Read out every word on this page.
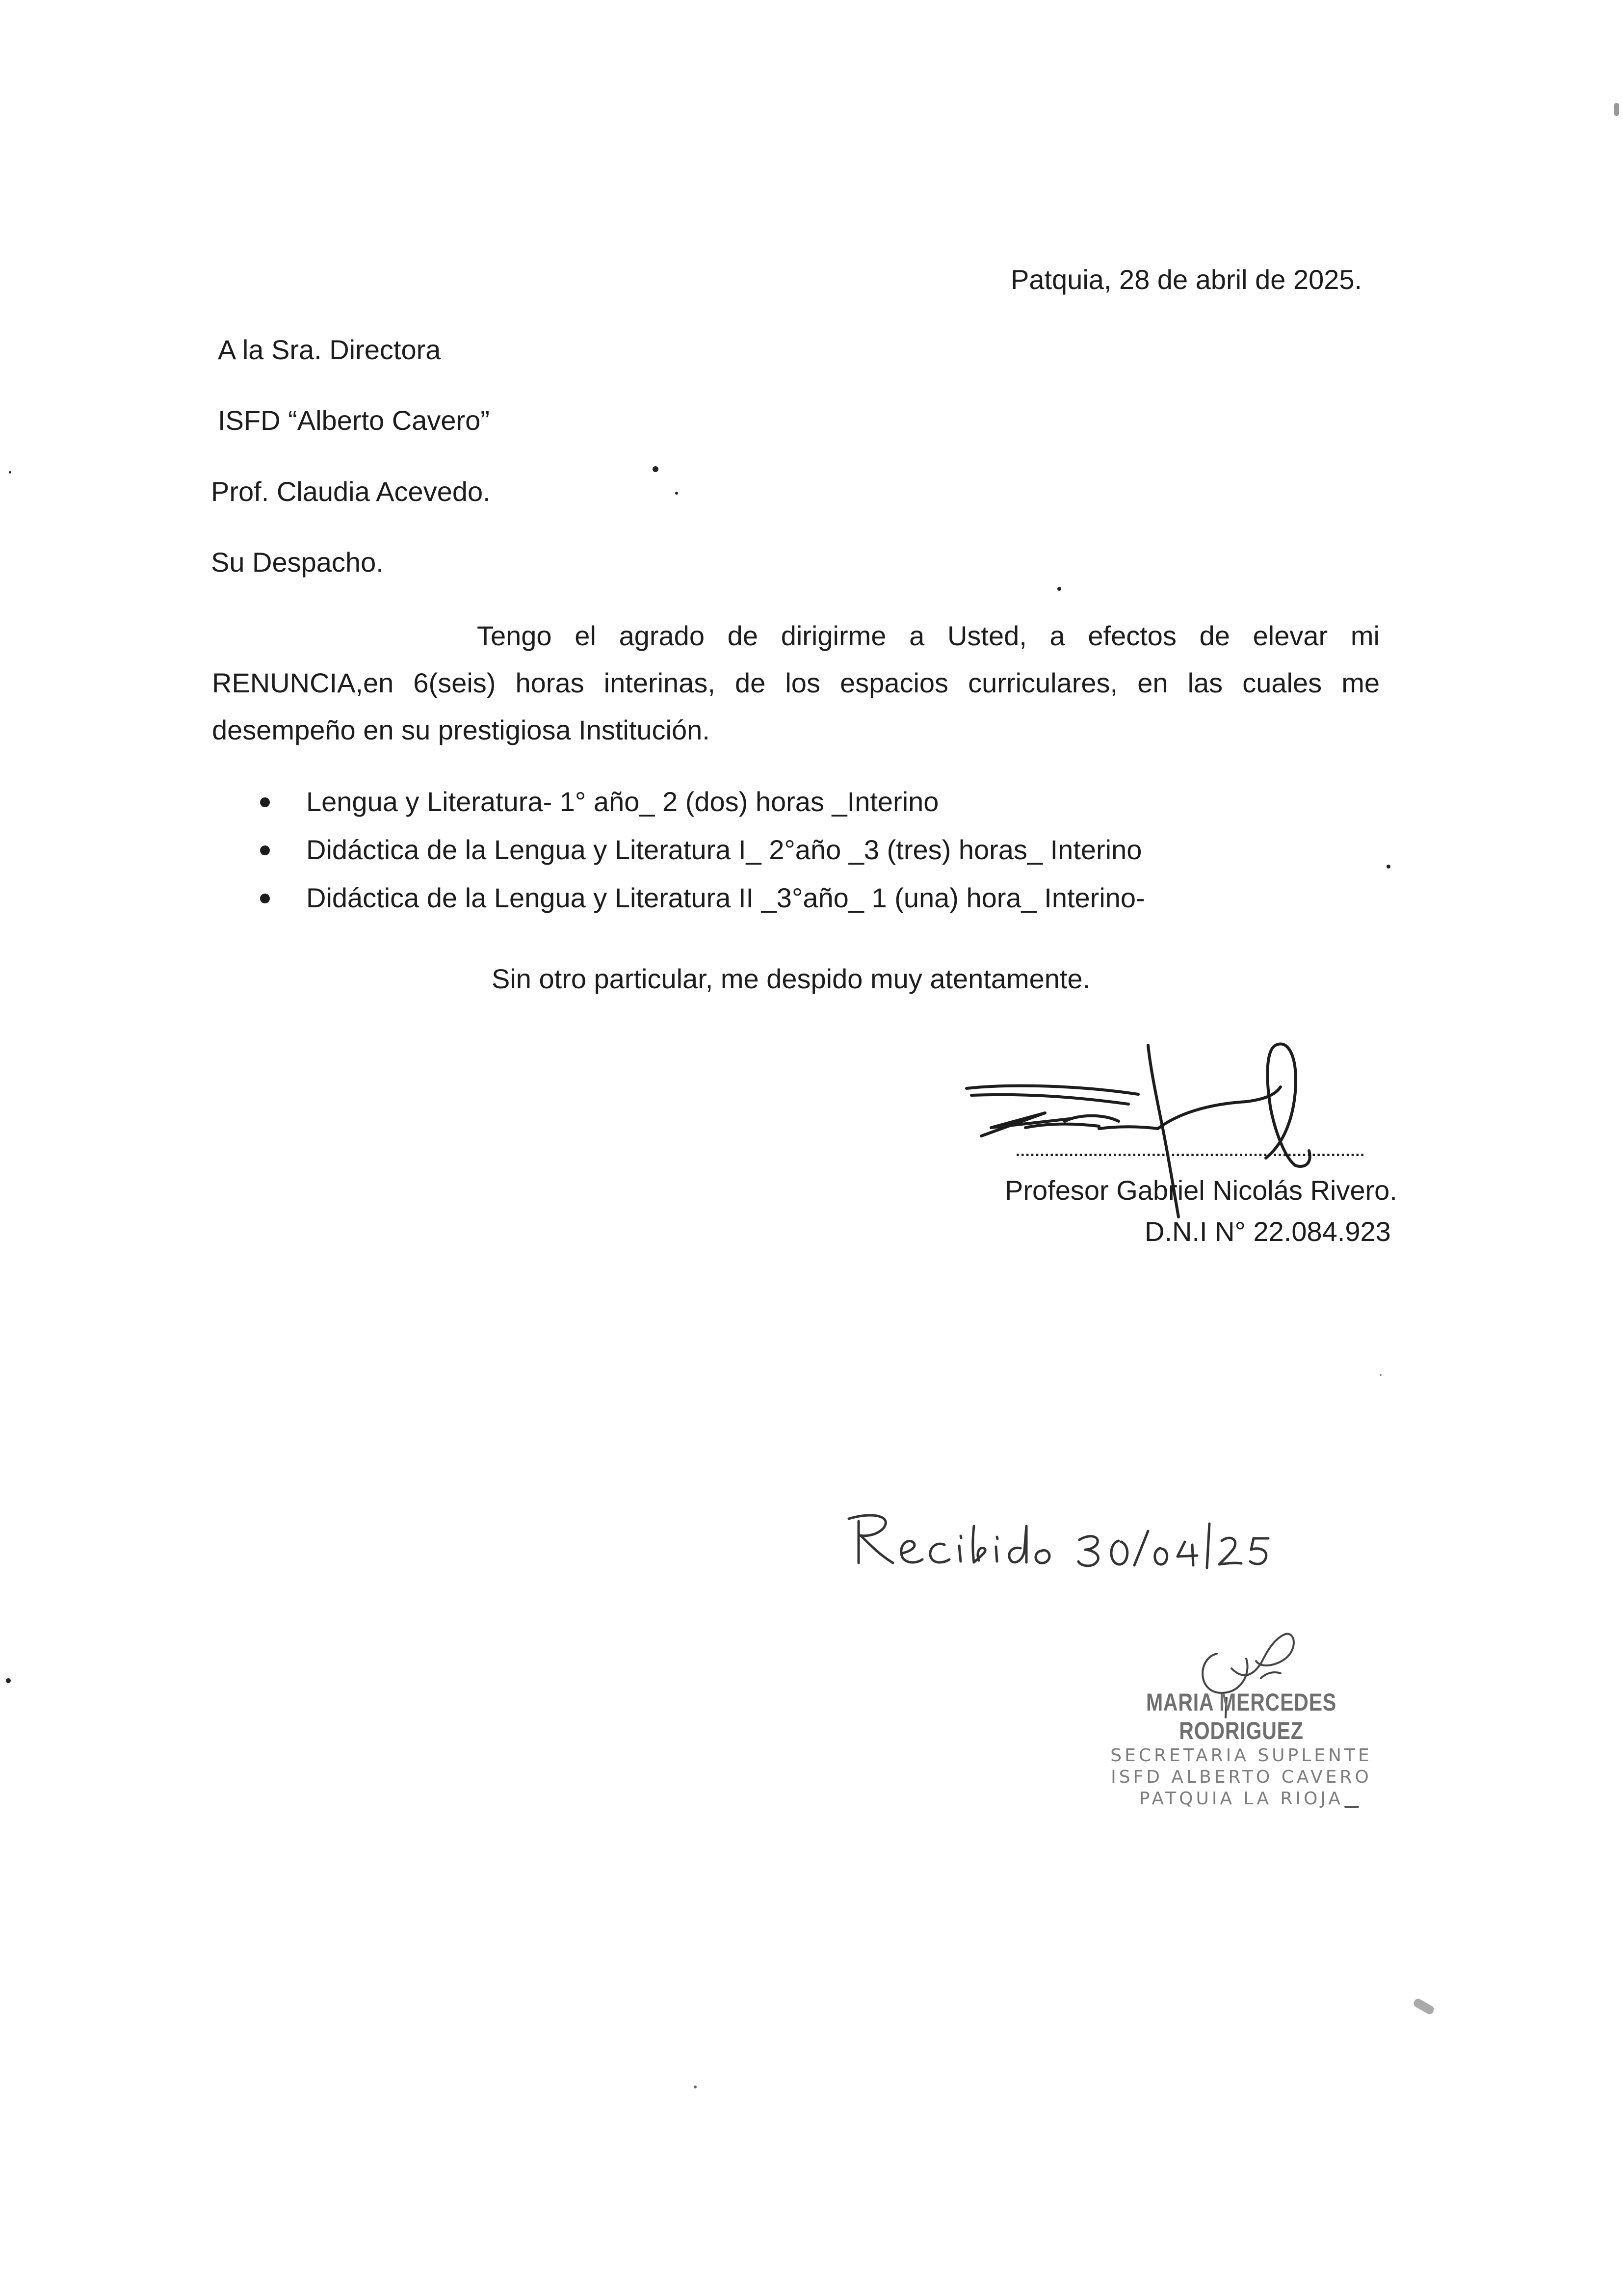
Patquia, 28 de abril de 2025.
A la Sra. Directora
ISFD “Alberto Cavero”
Prof. Claudia Acevedo.
Su Despacho.
Tengo el agrado de dirigirme a Usted, a efectos de elevar mi
RENUNCIA,en 6(seis) horas interinas, de los espacios curriculares, en las cuales me
desempeño en su prestigiosa Institución.
Lengua y Literatura- 1° año_ 2 (dos) horas _Interino
Didáctica de la Lengua y Literatura I_ 2°año _3 (tres) horas_ Interino
Didáctica de la Lengua y Literatura II _3°año_ 1 (una) hora_ Interino-
Sin otro particular, me despido muy atentamente.
........................................................................
Profesor Gabriel Nicolás Rivero.
D.N.I N° 22.084.923
Recibido 30/04/25
MARIA MERCEDES RODRIGUEZ
SECRETARIA SUPLENTE
ISFD ALBERTO CAVERO
PATQUIA LA RIOJA
